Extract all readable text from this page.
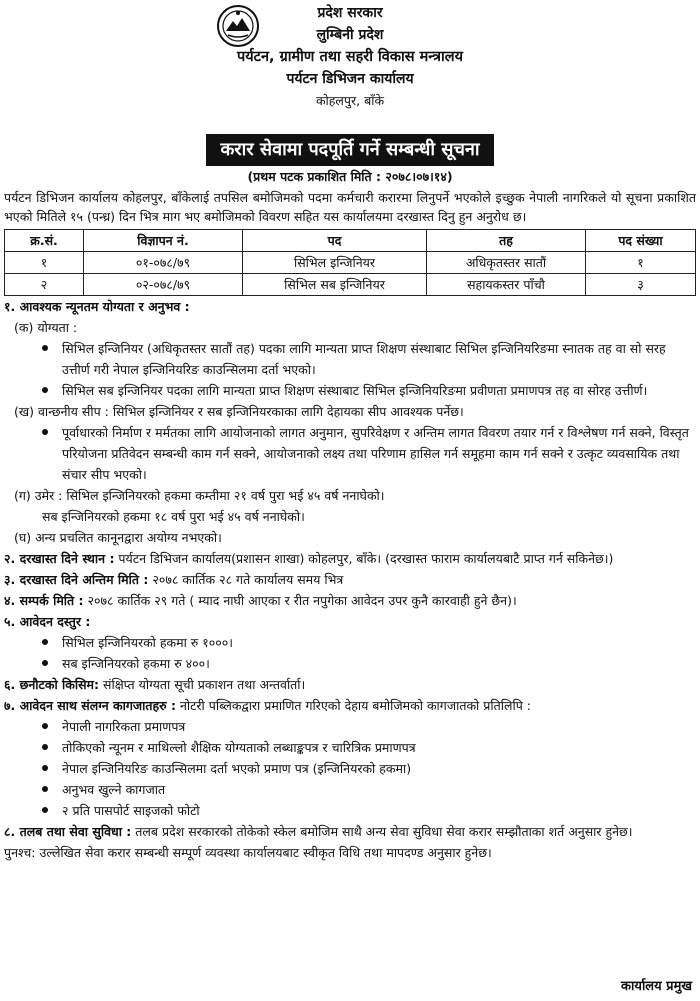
प्रदेश सरकार
लुम्बिनी प्रदेश
पर्यटन, ग्रामीण तथा सहरी विकास मन्त्रालय
पर्यटन डिभिजन कार्यालय
कोहलपुर, बाँके
करार सेवामा पदपूर्ति गर्ने सम्बन्धी सूचना
(प्रथम पटक प्रकाशित मिति : २०७८।०७।१४)

पर्यटन डिभिजन कार्यालय कोहलपुर, बाँकेलाई तपसिल बमोजिमको पदमा कर्मचारी करारमा लिनुपर्ने भएकोले इच्छुक नेपाली नागरिकले यो सूचना प्रकाशित भएको मितिले १५ (पन्ध्र) दिन भित्र माग भए बमोजिमको विवरण सहित यस कार्यालयमा दरखास्त दिनु हुन अनुरोध छ।

क्र.सं.	विज्ञापन नं.	पद	तह	पद संख्या
१	०१-०७८/७९	सिभिल इन्जिनियर	अधिकृतस्तर सातौं	१
२	०२-०७८/७९	सिभिल सब इन्जिनियर	सहायकस्तर पाँचौ	३
१. आवश्यक न्यूनतम योग्यता र अनुभव :
(क) योग्यता :
सिभिल इन्जिनियर (अधिकृतस्तर सातौं तह) पदका लागि मान्यता प्राप्त शिक्षण संस्थाबाट सिभिल इन्जिनियरिङमा स्नातक तह वा सो सरह उत्तीर्ण गरी नेपाल इन्जिनियरिङ काउन्सिलमा दर्ता भएको।
सिभिल सब इन्जिनियर पदका लागि मान्यता प्राप्त शिक्षण संस्थाबाट सिभिल इन्जिनियरिङमा प्रवीणता प्रमाणपत्र तह वा सोरह उत्तीर्ण।
(ख) वान्छनीय सीप : सिभिल इन्जिनियर र सब इन्जिनियरकाका लागि देहायका सीप आवश्यक पर्नेछ।
पूर्वाधारको निर्माण र मर्मतका लागि आयोजनाको लागत अनुमान, सुपरिवेक्षण र अन्तिम लागत विवरण तयार गर्न र विश्लेषण गर्न सक्ने, विस्तृत परियोजना प्रतिवेदन सम्बन्धी काम गर्न सक्ने, आयोजनाको लक्ष्य तथा परिणाम हासिल गर्न समूहमा काम गर्न सक्ने र उत्कृट व्यवसायिक तथा संचार सीप भएको।
(ग) उमेर : सिभिल इन्जिनियरको हकमा कम्तीमा २१ वर्ष पुरा भई ४५ वर्ष ननाघेको।
सब इन्जिनियरको हकमा १८ वर्ष पुरा भई ४५ वर्ष ननाघेको।
(घ) अन्य प्रचलित कानूनद्वारा अयोग्य नभएको।
२. दरखास्त दिने स्थान : पर्यटन डिभिजन कार्यालय(प्रशासन शाखा) कोहलपुर, बाँके। (दरखास्त फाराम कार्यालयबाटै प्राप्त गर्न सकिनेछ।)
३. दरखास्त दिने अन्तिम मिति : २०७८ कार्तिक २८ गते कार्यालय समय भित्र
४. सम्पर्क मिति : २०७८ कार्तिक २९ गते ( म्याद नाघी आएका र रीत नपुगेका आवेदन उपर कुनै कारवाही हुने छैन)।
५. आवेदन दस्तुर :
सिभिल इन्जिनियरको हकमा रु १०००।
सब इन्जिनियरको हकमा रु ४००।
६. छनौटको किसिम: संक्षिप्त योग्यता सूची प्रकाशन तथा अन्तर्वार्ता।
७. आवेदन साथ संलग्न कागजातहरु : नोटरी पब्लिकद्वारा प्रमाणित गरिएको देहाय बमोजिमको कागजातको प्रतिलिपि :
नेपाली नागरिकता प्रमाणपत्र
तोकिएको न्यूनम र माथिल्लो शैक्षिक योग्यताको लब्धाङ्कपत्र र चारित्रिक प्रमाणपत्र
नेपाल इन्जिनियरिङ काउन्सिलमा दर्ता भएको प्रमाण पत्र (इन्जिनियरको हकमा)
अनुभव खुल्ने कागजात
२ प्रति पासपोर्ट साइजको फोटो
८. तलब तथा सेवा सुविधा : तलब प्रदेश सरकारको तोकेको स्केल बमोजिम साथै अन्य सेवा सुविधा सेवा करार सम्झौताका शर्त अनुसार हुनेछ।
पुनश्च: उल्लेखित सेवा करार सम्बन्धी सम्पूर्ण व्यवस्था कार्यालयबाट स्वीकृत विधि तथा मापदण्ड अनुसार हुनेछ।
कार्यालय प्रमुख
